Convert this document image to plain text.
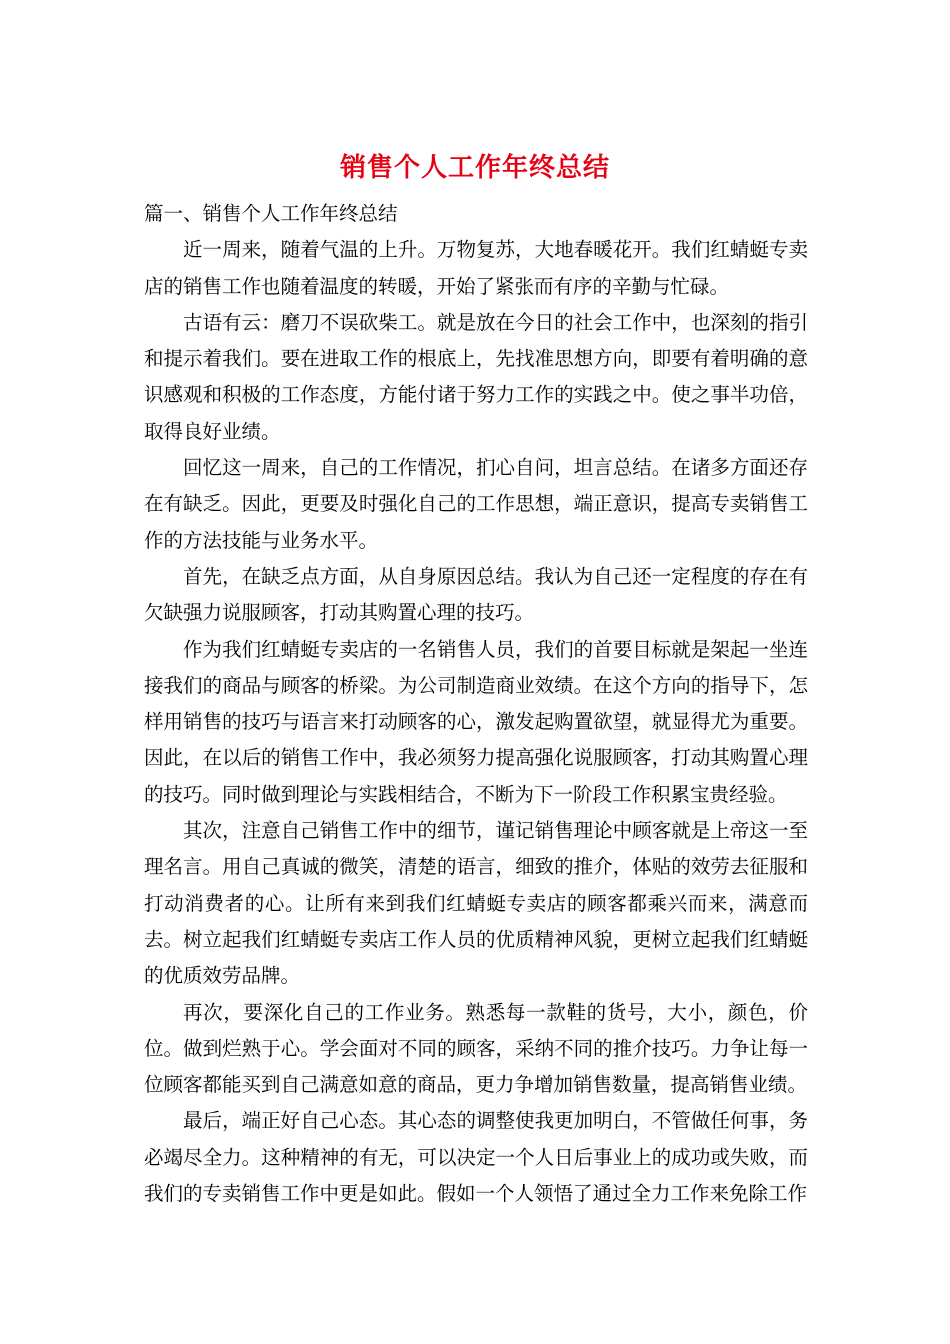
销售个人工作年终总结

篇一、销售个人工作年终总结

近一周来，随着气温的上升。万物复苏，大地春暖花开。我们红蜻蜓专卖店的销售工作也随着温度的转暖，开始了紧张而有序的辛勤与忙碌。

古语有云：磨刀不误砍柴工。就是放在今日的社会工作中，也深刻的指引和提示着我们。要在进取工作的根底上，先找准思想方向，即要有着明确的意识感观和积极的工作态度，方能付诸于努力工作的实践之中。使之事半功倍，取得良好业绩。

回忆这一周来，自己的工作情况，扪心自问，坦言总结。在诸多方面还存在有缺乏。因此，更要及时强化自己的工作思想，端正意识，提高专卖销售工作的方法技能与业务水平。

首先，在缺乏点方面，从自身原因总结。我认为自己还一定程度的存在有欠缺强力说服顾客，打动其购置心理的技巧。

作为我们红蜻蜓专卖店的一名销售人员，我们的首要目标就是架起一坐连接我们的商品与顾客的桥梁。为公司制造商业效绩。在这个方向的指导下，怎样用销售的技巧与语言来打动顾客的心，激发起购置欲望，就显得尤为重要。因此，在以后的销售工作中，我必须努力提高强化说服顾客，打动其购置心理的技巧。同时做到理论与实践相结合，不断为下一阶段工作积累宝贵经验。

其次，注意自己销售工作中的细节，谨记销售理论中顾客就是上帝这一至理名言。用自己真诚的微笑，清楚的语言，细致的推介，体贴的效劳去征服和打动消费者的心。让所有来到我们红蜻蜓专卖店的顾客都乘兴而来，满意而去。树立起我们红蜻蜓专卖店工作人员的优质精神风貌，更树立起我们红蜻蜓的优质效劳品牌。

再次，要深化自己的工作业务。熟悉每一款鞋的货号，大小，颜色，价位。做到烂熟于心。学会面对不同的顾客，采纳不同的推介技巧。力争让每一位顾客都能买到自己满意如意的商品，更力争增加销售数量，提高销售业绩。

最后，端正好自己心态。其心态的调整使我更加明白，不管做任何事，务必竭尽全力。这种精神的有无，可以决定一个人日后事业上的成功或失败，而我们的专卖销售工作中更是如此。假如一个人领悟了通过全力工作来免除工作
